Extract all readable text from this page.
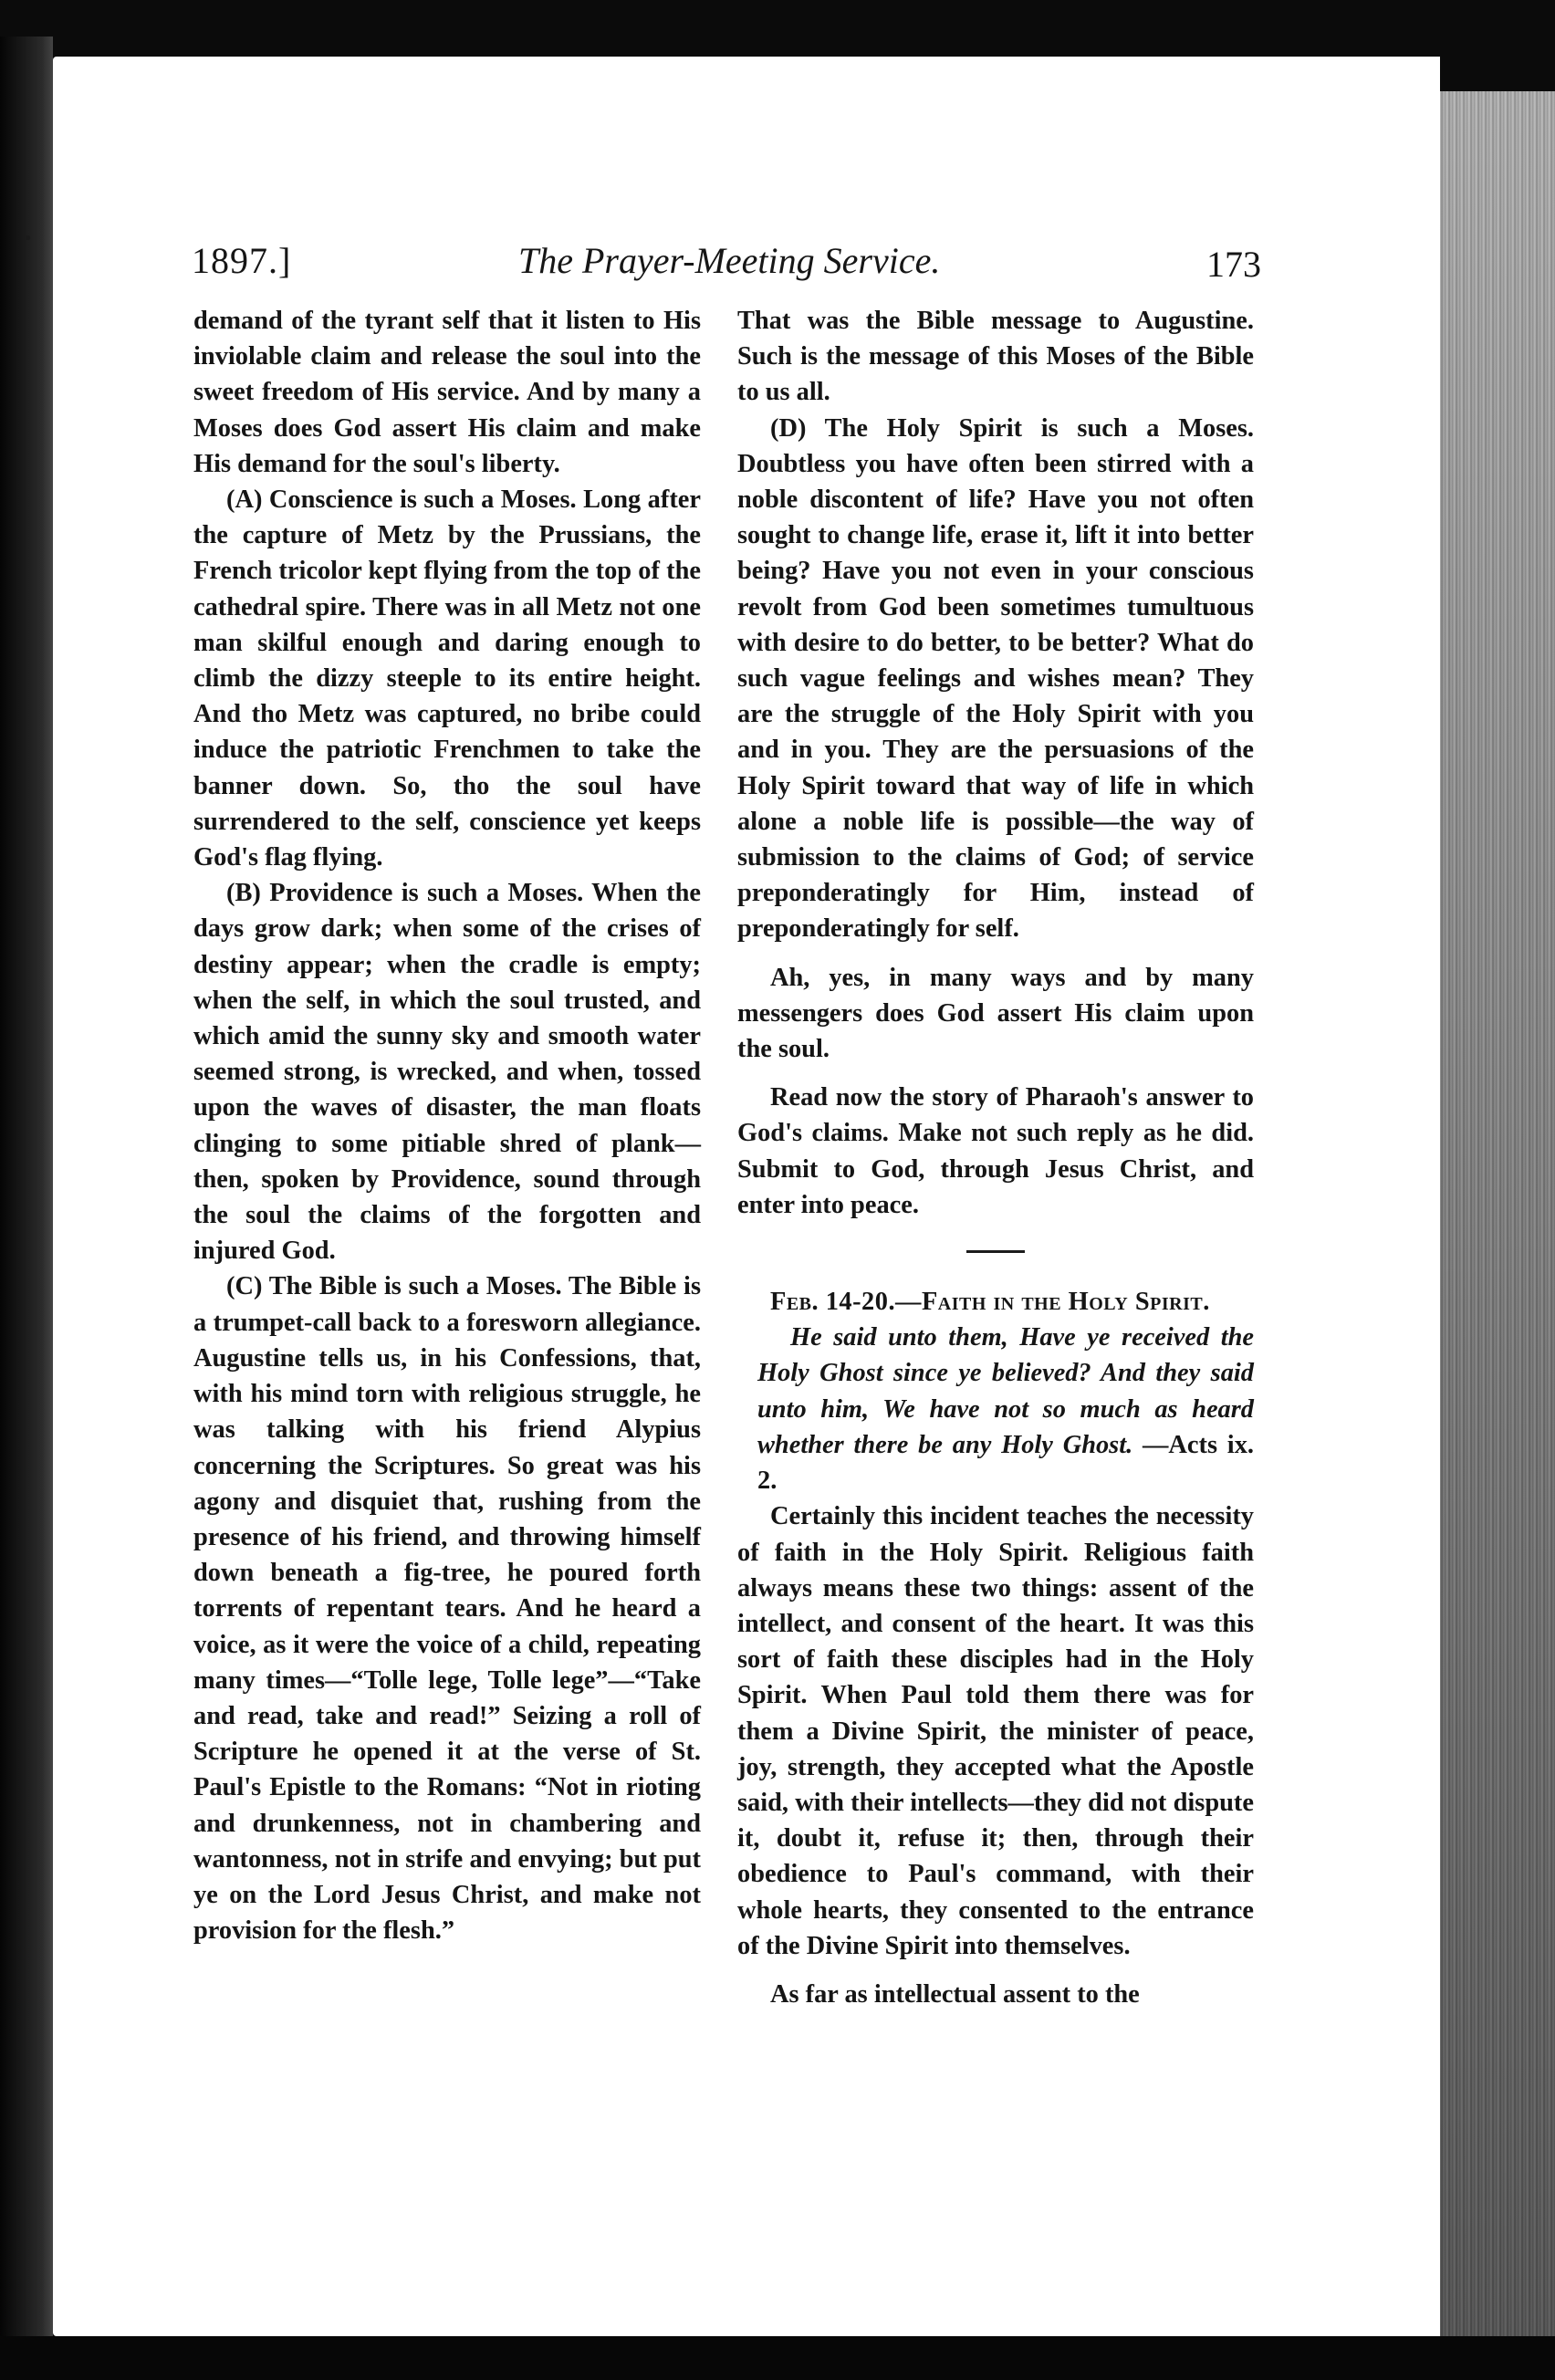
1897.]	The Prayer-Meeting Service.	173

demand of the tyrant self that it listen to His inviolable claim and release the soul into the sweet freedom of His service. And by many a Moses does God assert His claim and make His demand for the soul's liberty.

(A) Conscience is such a Moses. Long after the capture of Metz by the Prussians, the French tricolor kept flying from the top of the cathedral spire. There was in all Metz not one man skilful enough and daring enough to climb the dizzy steeple to its entire height. And tho Metz was captured, no bribe could induce the patriotic Frenchmen to take the banner down. So, tho the soul have surrendered to the self, conscience yet keeps God's flag flying.

(B) Providence is such a Moses. When the days grow dark; when some of the crises of destiny appear; when the cradle is empty; when the self, in which the soul trusted, and which amid the sunny sky and smooth water seemed strong, is wrecked, and when, tossed upon the waves of disaster, the man floats clinging to some pitiable shred of plank—then, spoken by Providence, sound through the soul the claims of the forgotten and injured God.

(C) The Bible is such a Moses. The Bible is a trumpet-call back to a foresworn allegiance. Augustine tells us, in his Confessions, that, with his mind torn with religious struggle, he was talking with his friend Alypius concerning the Scriptures. So great was his agony and disquiet that, rushing from the presence of his friend, and throwing himself down beneath a fig-tree, he poured forth torrents of repentant tears. And he heard a voice, as it were the voice of a child, repeating many times—“Tolle lege, Tolle lege”—“Take and read, take and read!” Seizing a roll of Scripture he opened it at the verse of St. Paul's Epistle to the Romans: “Not in rioting and drunkenness, not in chambering and wantonness, not in strife and envying; but put ye on the Lord Jesus Christ, and make not provision for the flesh.”

That was the Bible message to Augustine. Such is the message of this Moses of the Bible to us all.

(D) The Holy Spirit is such a Moses. Doubtless you have often been stirred with a noble discontent of life? Have you not often sought to change life, erase it, lift it into better being? Have you not even in your conscious revolt from God been sometimes tumultuous with desire to do better, to be better? What do such vague feelings and wishes mean? They are the struggle of the Holy Spirit with you and in you. They are the persuasions of the Holy Spirit toward that way of life in which alone a noble life is possible—the way of submission to the claims of God; of service preponderatingly for Him, instead of preponderatingly for self.

Ah, yes, in many ways and by many messengers does God assert His claim upon the soul.

Read now the story of Pharaoh's answer to God's claims. Make not such reply as he did. Submit to God, through Jesus Christ, and enter into peace.

Feb. 14-20.—Faith in the Holy Spirit.

He said unto them, Have ye received the Holy Ghost since ye believed? And they said unto him, We have not so much as heard whether there be any Holy Ghost. —Acts ix. 2.

Certainly this incident teaches the necessity of faith in the Holy Spirit. Religious faith always means these two things: assent of the intellect, and consent of the heart. It was this sort of faith these disciples had in the Holy Spirit. When Paul told them there was for them a Divine Spirit, the minister of peace, joy, strength, they accepted what the Apostle said, with their intellects—they did not dispute it, doubt it, refuse it; then, through their obedience to Paul's command, with their whole hearts, they consented to the entrance of the Divine Spirit into themselves.

As far as intellectual assent to the
